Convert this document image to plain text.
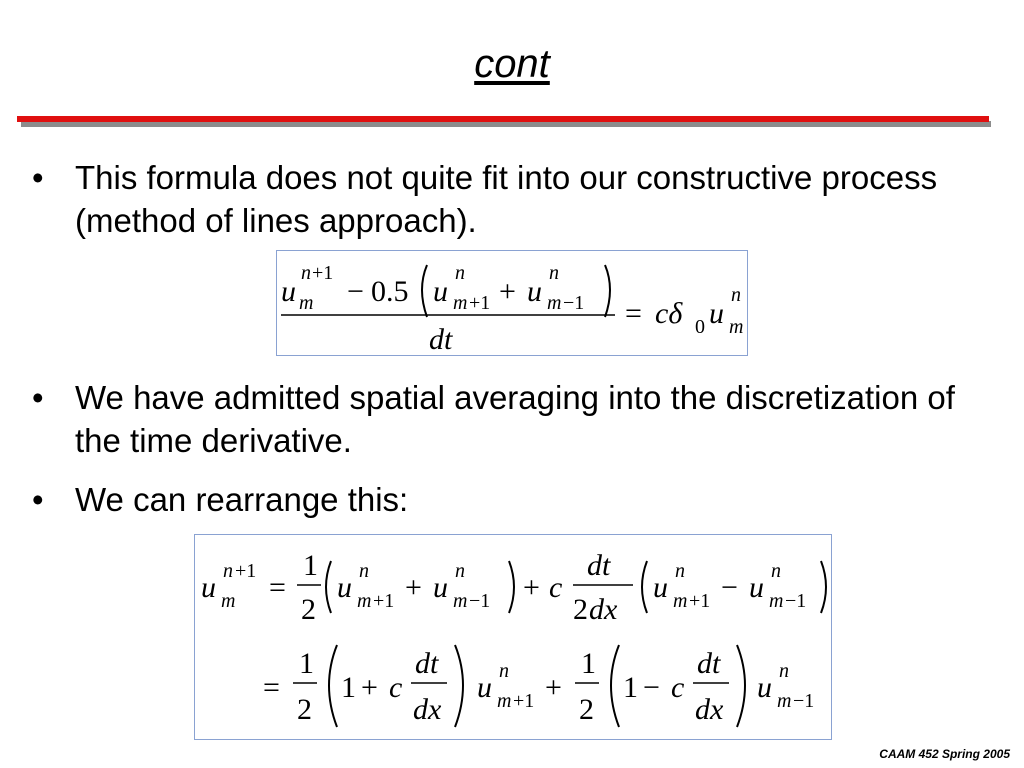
cont
• This formula does not quite fit into our constructive process (method of lines approach).
u
n +1
m − 0.5 u
n
m +1 + u
n
m −1
dt
= cδ 0 u
n
m
• We have admitted spatial averaging into the discretization of the time derivative.
• We can rearrange this:
u n +1
m =
1
2
u n
m +1 + u n
m −1 + c
dt
2 dx
u n
m +1 − u n
m −1
=
1
2
1 + c
dt
dx
u n
m +1 +
1
2
1 − c
dt
dx
u n
m −1
CAAM 452 Spring 2005
